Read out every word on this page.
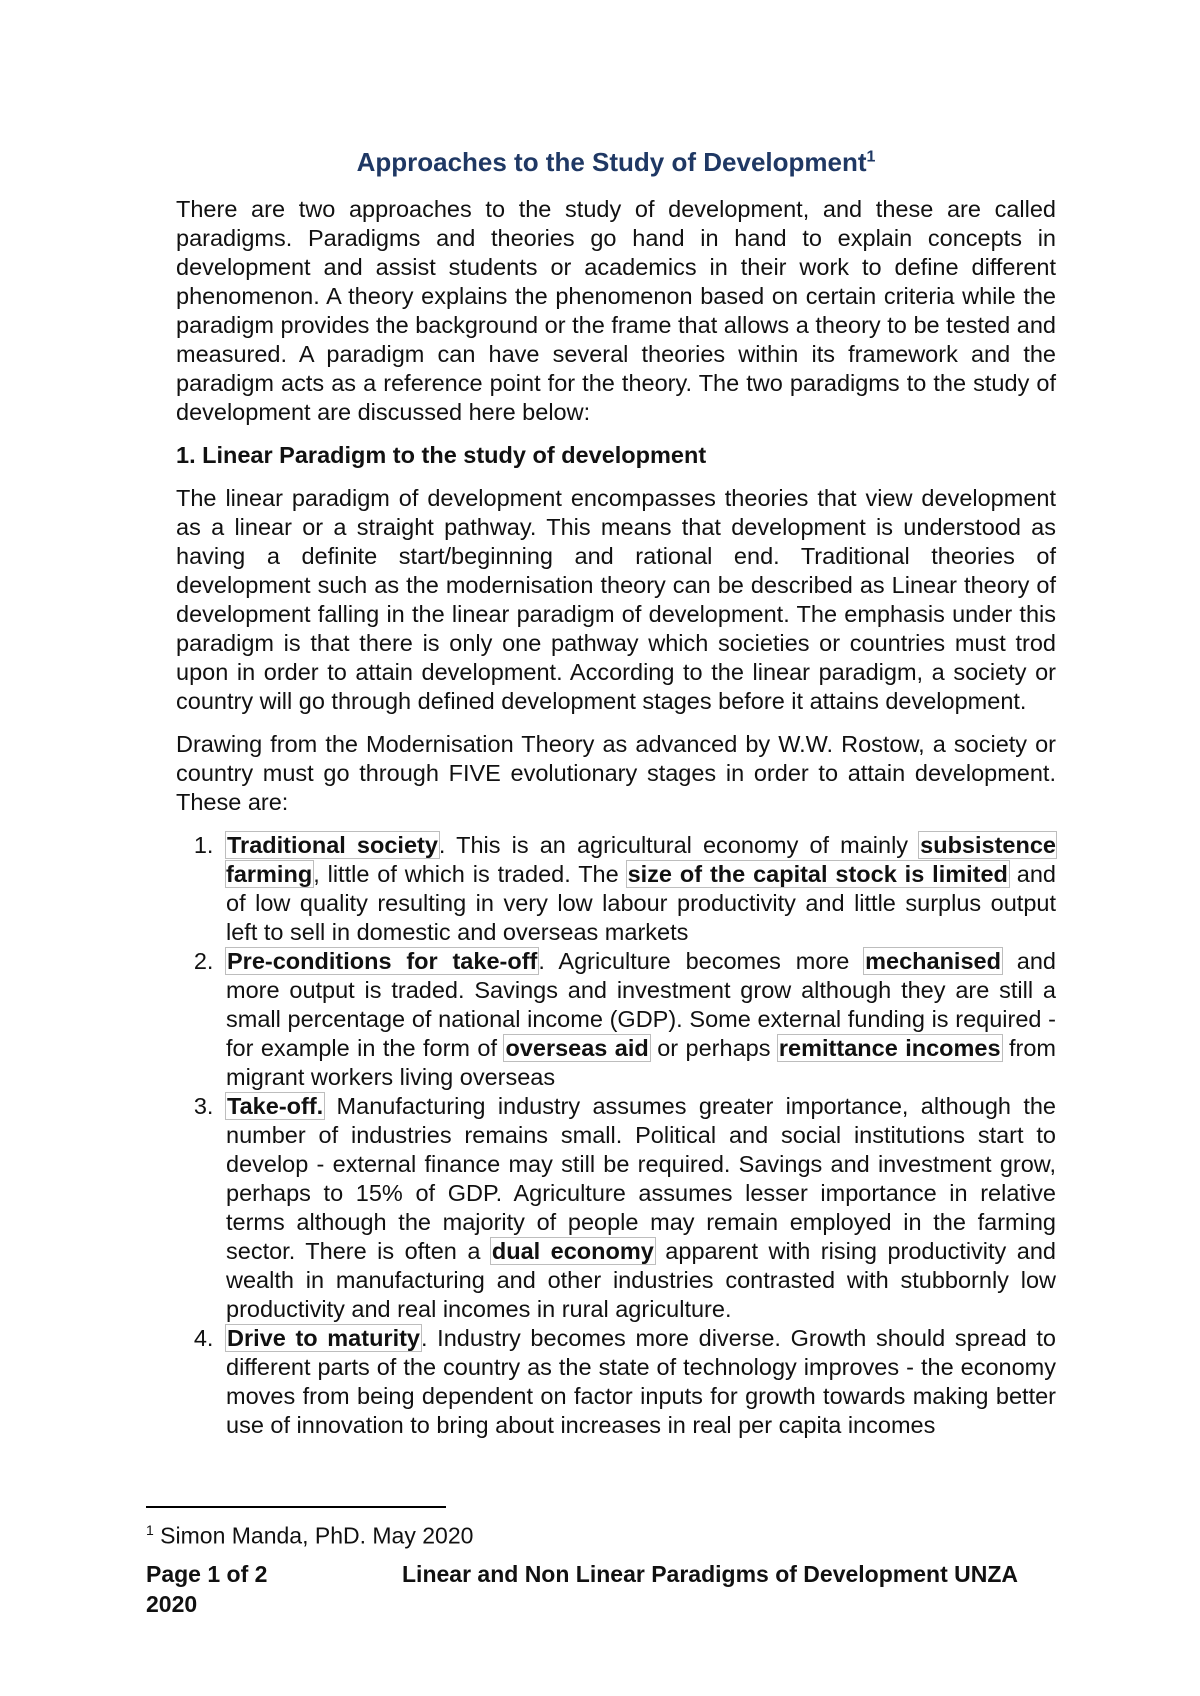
Approaches to the Study of Development$^1$

There are two approaches to the study of development, and these are called paradigms. Paradigms and theories go hand in hand to explain concepts in development and assist students or academics in their work to define different phenomenon. A theory explains the phenomenon based on certain criteria while the paradigm provides the background or the frame that allows a theory to be tested and measured. A paradigm can have several theories within its framework and the paradigm acts as a reference point for the theory. The two paradigms to the study of development are discussed here below:

1. Linear Paradigm to the study of development

The linear paradigm of development encompasses theories that view development as a linear or a straight pathway. This means that development is understood as having a definite start/beginning and rational end. Traditional theories of development such as the modernisation theory can be described as Linear theory of development falling in the linear paradigm of development. The emphasis under this paradigm is that there is only one pathway which societies or countries must trod upon in order to attain development. According to the linear paradigm, a society or country will go through defined development stages before it attains development.

Drawing from the Modernisation Theory as advanced by W.W. Rostow, a society or country must go through FIVE evolutionary stages in order to attain development. These are:

1. Traditional society. This is an agricultural economy of mainly subsistence farming, little of which is traded. The size of the capital stock is limited and of low quality resulting in very low labour productivity and little surplus output left to sell in domestic and overseas markets
2. Pre-conditions for take-off. Agriculture becomes more mechanised and more output is traded. Savings and investment grow although they are still a small percentage of national income (GDP). Some external funding is required - for example in the form of overseas aid or perhaps remittance incomes from migrant workers living overseas
3. Take-off. Manufacturing industry assumes greater importance, although the number of industries remains small. Political and social institutions start to develop - external finance may still be required. Savings and investment grow, perhaps to 15% of GDP. Agriculture assumes lesser importance in relative terms although the majority of people may remain employed in the farming sector. There is often a dual economy apparent with rising productivity and wealth in manufacturing and other industries contrasted with stubbornly low productivity and real incomes in rural agriculture.
4. Drive to maturity. Industry becomes more diverse. Growth should spread to different parts of the country as the state of technology improves - the economy moves from being dependent on factor inputs for growth towards making better use of innovation to bring about increases in real per capita incomes
$^1$ Simon Manda, PhD. May 2020
Page 1 of 2	Linear and Non Linear Paradigms of Development UNZA
2020
